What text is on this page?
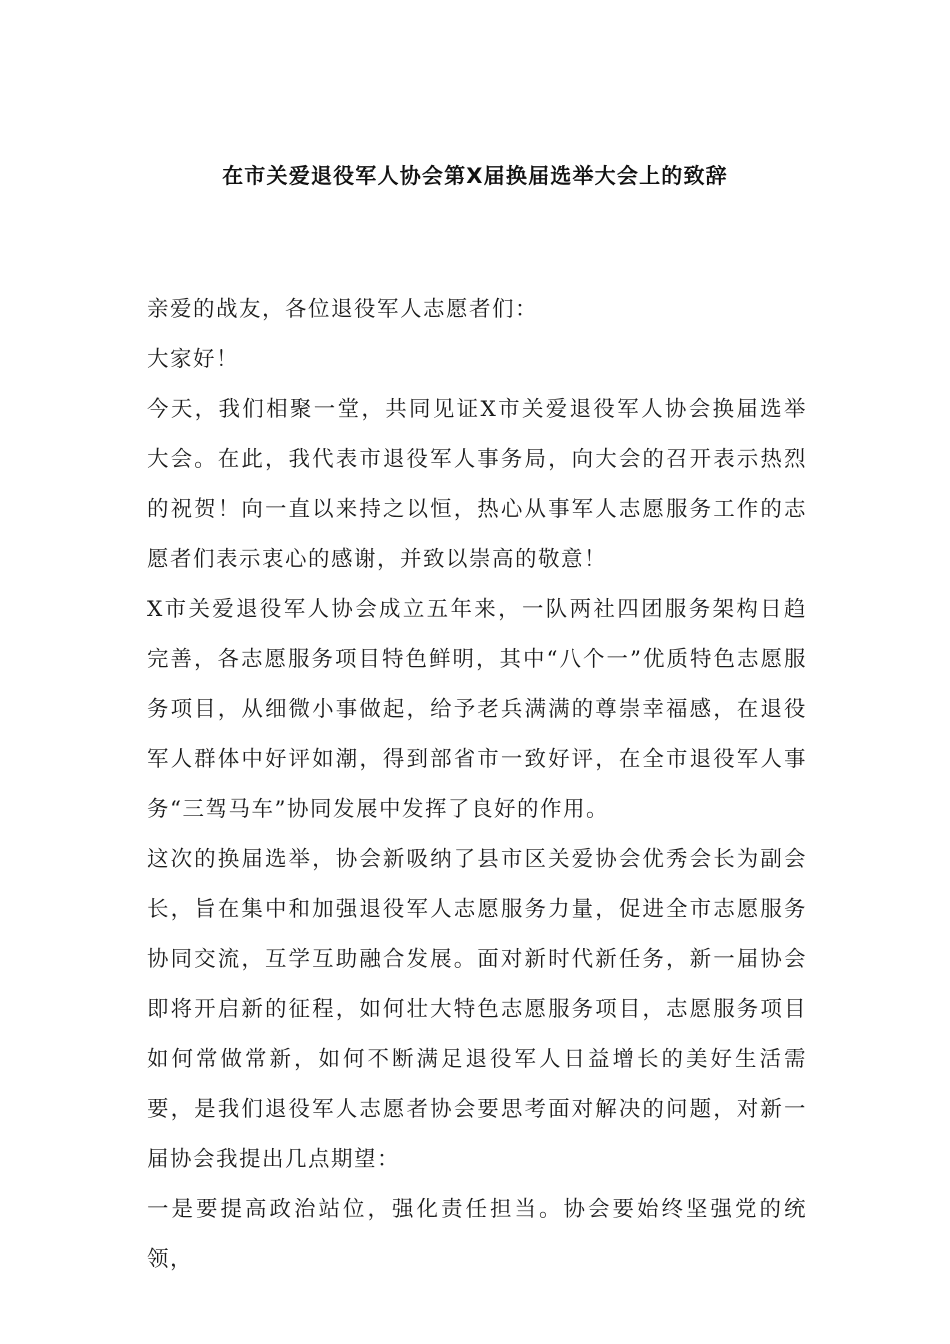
在市关爱退役军人协会第X届换届选举大会上的致辞

亲爱的战友，各位退役军人志愿者们：

大家好！

今天，我们相聚一堂，共同见证X市关爱退役军人协会换届选举大会。在此，我代表市退役军人事务局，向大会的召开表示热烈的祝贺！向一直以来持之以恒，热心从事军人志愿服务工作的志愿者们表示衷心的感谢，并致以崇高的敬意！

X市关爱退役军人协会成立五年来，一队两社四团服务架构日趋完善，各志愿服务项目特色鲜明，其中“八个一”优质特色志愿服务项目，从细微小事做起，给予老兵满满的尊崇幸福感，在退役军人群体中好评如潮，得到部省市一致好评，在全市退役军人事务“三驾马车”协同发展中发挥了良好的作用。

这次的换届选举，协会新吸纳了县市区关爱协会优秀会长为副会长，旨在集中和加强退役军人志愿服务力量，促进全市志愿服务协同交流，互学互助融合发展。面对新时代新任务，新一届协会即将开启新的征程，如何壮大特色志愿服务项目，志愿服务项目如何常做常新，如何不断满足退役军人日益增长的美好生活需要，是我们退役军人志愿者协会要思考面对解决的问题，对新一届协会我提出几点期望：

一是要提高政治站位，强化责任担当。协会要始终坚强党的统领，
